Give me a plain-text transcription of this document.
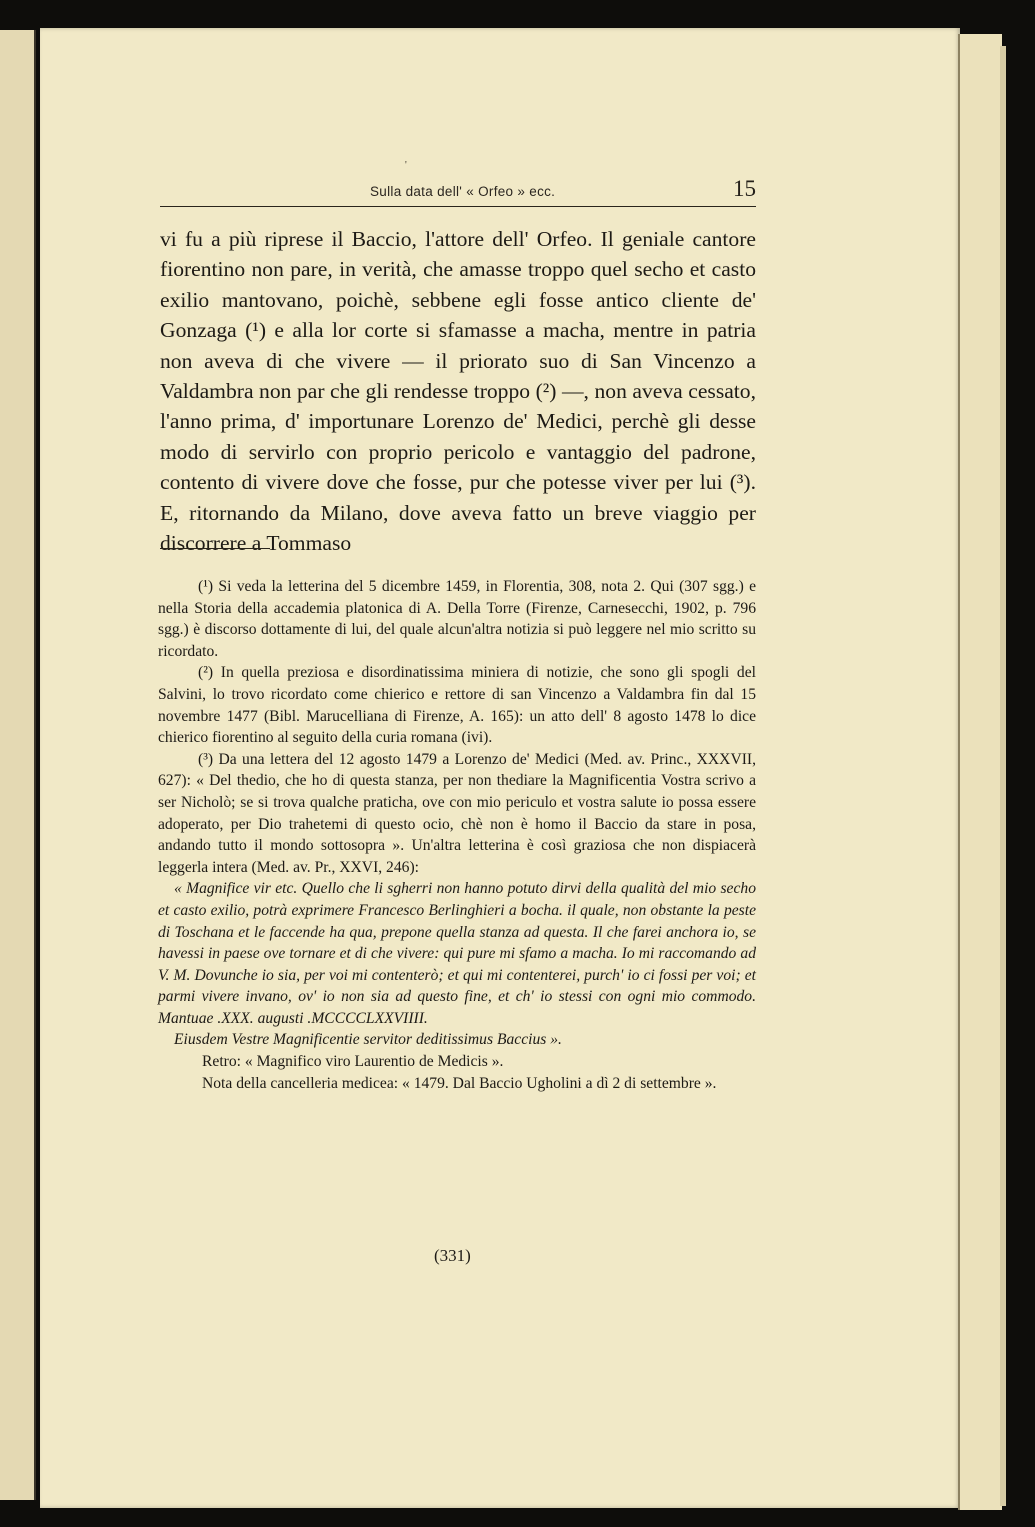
'
Sulla data dell' « Orfeo » ecc.	15

vi fu a più riprese il Baccio, l'attore dell' Orfeo. Il geniale cantore fiorentino non pare, in verità, che amasse troppo quel secho et casto exilio mantovano, poichè, sebbene egli fosse antico cliente de' Gonzaga (¹) e alla lor corte si sfamasse a macha, mentre in patria non aveva di che vivere — il priorato suo di San Vincenzo a Valdambra non par che gli rendesse troppo (²) —, non aveva cessato, l'anno prima, d' importunare Lorenzo de' Medici, perchè gli desse modo di servirlo con proprio pericolo e vantaggio del padrone, contento di vivere dove che fosse, pur che potesse viver per lui (³). E, ritornando da Milano, dove aveva fatto un breve viaggio per discorrere a Tommaso

(¹) Si veda la letterina del 5 dicembre 1459, in Florentia, 308, nota 2. Qui (307 sgg.) e nella Storia della accademia platonica di A. Della Torre (Firenze, Carnesecchi, 1902, p. 796 sgg.) è discorso dottamente di lui, del quale alcun'altra notizia si può leggere nel mio scritto su ricordato.

(²) In quella preziosa e disordinatissima miniera di notizie, che sono gli spogli del Salvini, lo trovo ricordato come chierico e rettore di san Vincenzo a Valdambra fin dal 15 novembre 1477 (Bibl. Marucelliana di Firenze, A. 165): un atto dell' 8 agosto 1478 lo dice chierico fiorentino al seguito della curia romana (ivi).

(³) Da una lettera del 12 agosto 1479 a Lorenzo de' Medici (Med. av. Princ., XXXVII, 627): « Del thedio, che ho di questa stanza, per non thediare la Magnificentia Vostra scrivo a ser Nicholò; se si trova qualche praticha, ove con mio periculo et vostra salute io possa essere adoperato, per Dio trahetemi di questo ocio, chè non è homo il Baccio da stare in posa, andando tutto il mondo sottosopra ». Un'altra letterina è così graziosa che non dispiacerà leggerla intera (Med. av. Pr., XXVI, 246):

« Magnifice vir etc. Quello che li sgherri non hanno potuto dirvi della qualità del mio secho et casto exilio, potrà exprimere Francesco Berlinghieri a bocha. il quale, non obstante la peste di Toschana et le faccende ha qua, prepone quella stanza ad questa. Il che farei anchora io, se havessi in paese ove tornare et di che vivere: qui pure mi sfamo a macha. Io mi raccomando ad V. M. Dovunche io sia, per voi mi contenterò; et qui mi contenterei, purch' io ci fossi per voi; et parmi vivere invano, ov' io non sia ad questo fine, et ch' io stessi con ogni mio commodo. Mantuae .XXX. augusti .MCCCCLXXVIIII.

Eiusdem Vestre Magnificentie servitor deditissimus Baccius ».

Retro: « Magnifico viro Laurentio de Medicis ».

Nota della cancelleria medicea: « 1479. Dal Baccio Ugholini a dì 2 di settembre ».

(331)
